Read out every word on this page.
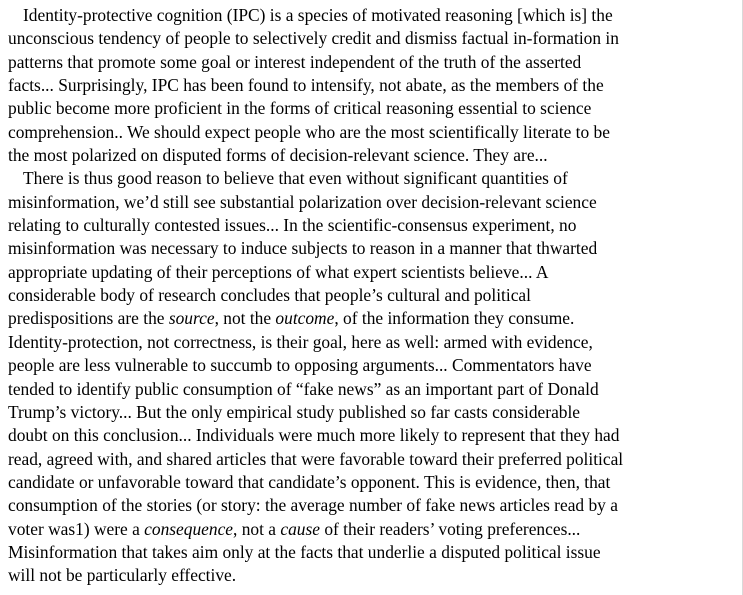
Identity-protective cognition (IPC) is a species of motivated reasoning [which is] the
unconscious tendency of people to selectively credit and dismiss factual in-formation in
patterns that promote some goal or interest independent of the truth of the asserted
facts... Surprisingly, IPC has been found to intensify, not abate, as the members of the
public become more proficient in the forms of critical reasoning essential to science
comprehension.. We should expect people who are the most scientifically literate to be
the most polarized on disputed forms of decision-relevant science. They are...
There is thus good reason to believe that even without significant quantities of
misinformation, we’d still see substantial polarization over decision-relevant science
relating to culturally contested issues... In the scientific-consensus experiment, no
misinformation was necessary to induce subjects to reason in a manner that thwarted
appropriate updating of their perceptions of what expert scientists believe... A
considerable body of research concludes that people’s cultural and political
predispositions are the source, not the outcome, of the information they consume.
Identity-protection, not correctness, is their goal, here as well: armed with evidence,
people are less vulnerable to succumb to opposing arguments... Commentators have
tended to identify public consumption of “fake news” as an important part of Donald
Trump’s victory... But the only empirical study published so far casts considerable
doubt on this conclusion... Individuals were much more likely to represent that they had
read, agreed with, and shared articles that were favorable toward their preferred political
candidate or unfavorable toward that candidate’s opponent. This is evidence, then, that
consumption of the stories (or story: the average number of fake news articles read by a
voter was1) were a consequence, not a cause of their readers’ voting preferences...
Misinformation that takes aim only at the facts that underlie a disputed political issue
will not be particularly effective.
